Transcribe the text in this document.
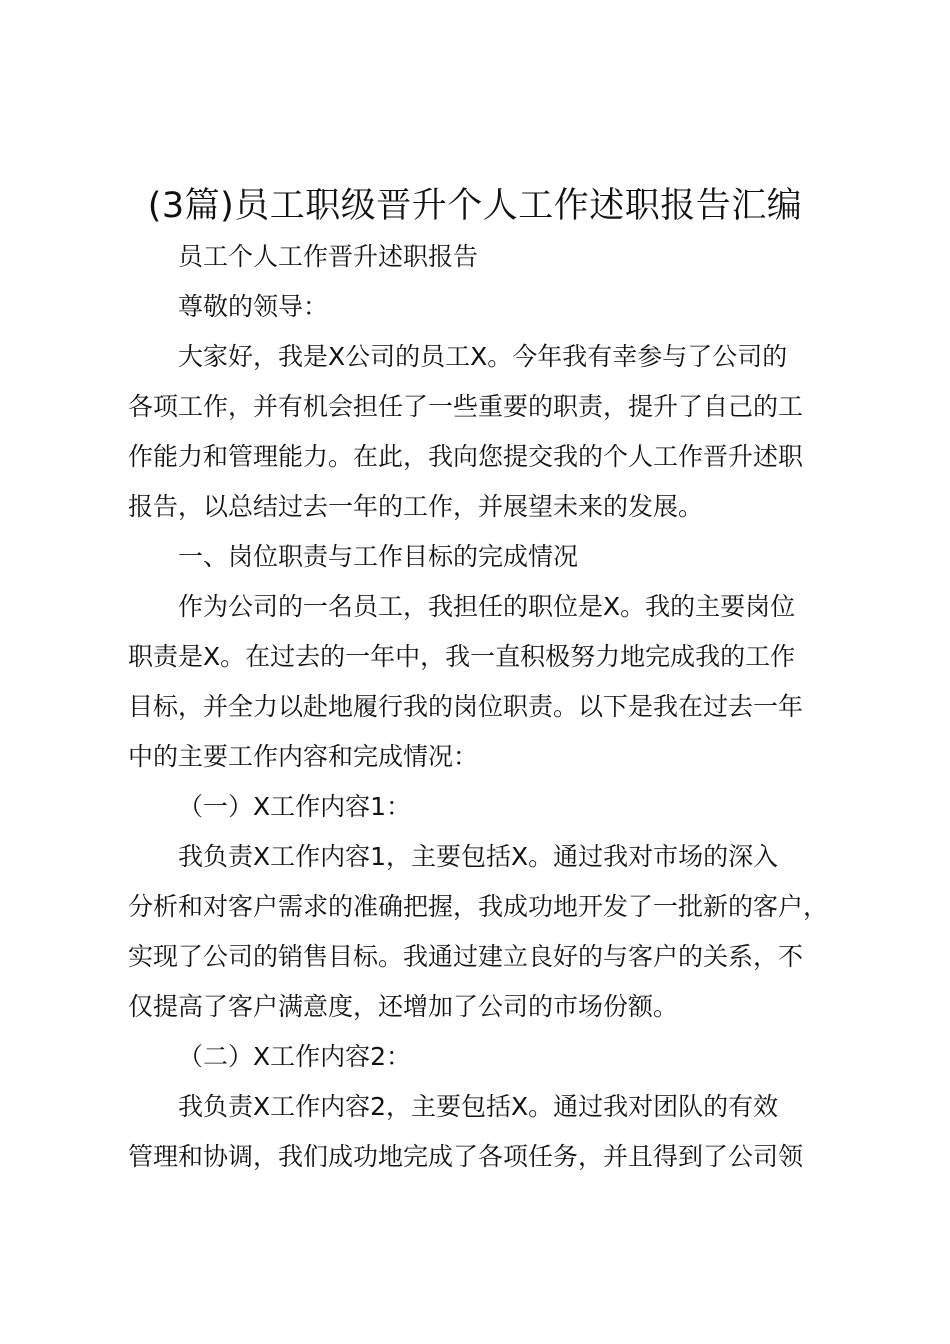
(3篇)员工职级晋升个人工作述职报告汇编
员工个人工作晋升述职报告
尊敬的领导：
大家好，我是X公司的员工X。今年我有幸参与了公司的
各项工作，并有机会担任了一些重要的职责，提升了自己的工
作能力和管理能力。在此，我向您提交我的个人工作晋升述职
报告，以总结过去一年的工作，并展望未来的发展。
一、岗位职责与工作目标的完成情况
作为公司的一名员工，我担任的职位是X。我的主要岗位
职责是X。在过去的一年中，我一直积极努力地完成我的工作
目标，并全力以赴地履行我的岗位职责。以下是我在过去一年
中的主要工作内容和完成情况：
（一）X工作内容1：
我负责X工作内容1，主要包括X。通过我对市场的深入
分析和对客户需求的准确把握，我成功地开发了一批新的客户，
实现了公司的销售目标。我通过建立良好的与客户的关系，不
仅提高了客户满意度，还增加了公司的市场份额。
（二）X工作内容2：
我负责X工作内容2，主要包括X。通过我对团队的有效
管理和协调，我们成功地完成了各项任务，并且得到了公司领
